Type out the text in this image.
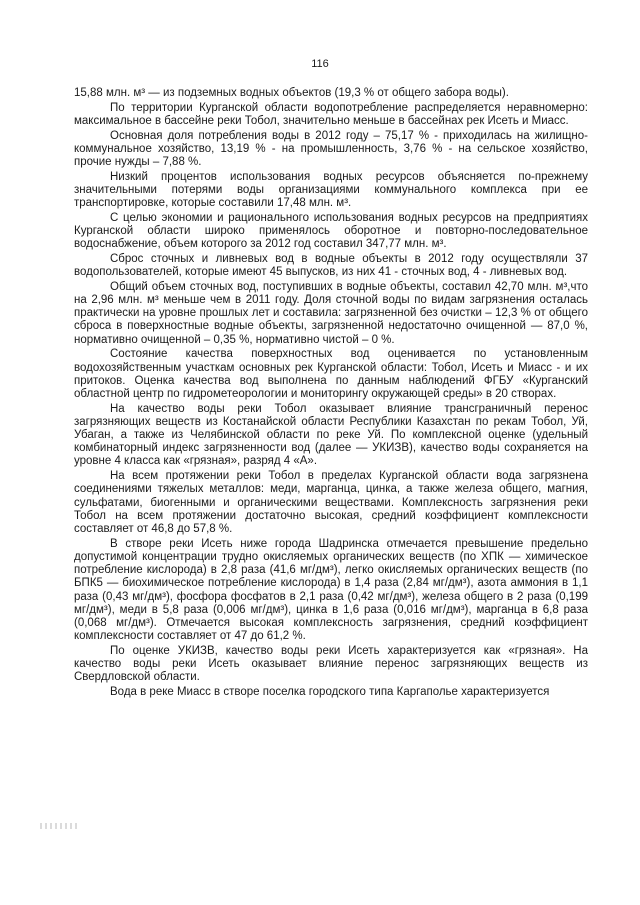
116

15,88 млн. м³ — из подземных водных объектов (19,3 % от общего забора воды).

По территории Курганской области водопотребление распределяется неравномерно: максимальное в бассейне реки Тобол, значительно меньше в бассейнах рек Исеть и Миасс.

Основная доля потребления воды в 2012 году – 75,17 % - приходилась на жилищно-коммунальное хозяйство, 13,19 % - на промышленность, 3,76 % - на сельское хозяйство, прочие нужды – 7,88 %.

Низкий процентов использования водных ресурсов объясняется по-прежнему значительными потерями воды организациями коммунального комплекса при ее транспортировке, которые составили 17,48 млн. м³.

С целью экономии и рационального использования водных ресурсов на предприятиях Курганской области широко применялось оборотное и повторно-последовательное водоснабжение, объем которого за 2012 год составил 347,77 млн. м³.

Сброс сточных и ливневых вод в водные объекты в 2012 году осуществляли 37 водопользователей, которые имеют 45 выпусков, из них 41 - сточных вод, 4 - ливневых вод.

Общий объем сточных вод, поступивших в водные объекты, составил 42,70 млн. м³,что на 2,96 млн. м³ меньше чем в 2011 году. Доля сточной воды по видам загрязнения осталась практически на уровне прошлых лет и составила: загрязненной без очистки – 12,3 % от общего сброса в поверхностные водные объекты, загрязненной недостаточно очищенной — 87,0 %, нормативно очищенной – 0,35 %, нормативно чистой – 0 %.

Состояние качества поверхностных вод оценивается по установленным водохозяйственным участкам основных рек Курганской области: Тобол, Исеть и Миасс - и их притоков. Оценка качества вод выполнена по данным наблюдений ФГБУ «Курганский областной центр по гидрометеорологии и мониторингу окружающей среды» в 20 створах.

На качество воды реки Тобол оказывает влияние трансграничный перенос загрязняющих веществ из Костанайской области Республики Казахстан по рекам Тобол, Уй, Убаган, а также из Челябинской области по реке Уй. По комплексной оценке (удельный комбинаторный индекс загрязненности вод (далее — УКИЗВ), качество воды сохраняется на уровне 4 класса как «грязная», разряд 4 «А».

На всем протяжении реки Тобол в пределах Курганской области вода загрязнена соединениями тяжелых металлов: меди, марганца, цинка, а также железа общего, магния, сульфатами, биогенными и органическими веществами. Комплексность загрязнения реки Тобол на всем протяжении достаточно высокая, средний коэффициент комплексности составляет от 46,8 до 57,8 %.

В створе реки Исеть ниже города Шадринска отмечается превышение предельно допустимой концентрации трудно окисляемых органических веществ (по ХПК — химическое потребление кислорода) в 2,8 раза (41,6 мг/дм³), легко окисляемых органических веществ (по БПК5 — биохимическое потребление кислорода) в 1,4 раза (2,84 мг/дм³), азота аммония в 1,1 раза (0,43 мг/дм³), фосфора фосфатов в 2,1 раза (0,42 мг/дм³), железа общего в 2 раза (0,199 мг/дм³), меди в 5,8 раза (0,006 мг/дм³), цинка в 1,6 раза (0,016 мг/дм³), марганца в 6,8 раза (0,068 мг/дм³). Отмечается высокая комплексность загрязнения, средний коэффициент комплексности составляет от 47 до 61,2 %.

По оценке УКИЗВ, качество воды реки Исеть характеризуется как «грязная». На качество воды реки Исеть оказывает влияние перенос загрязняющих веществ из Свердловской области.

Вода в реке Миасс в створе поселка городского типа Каргаполье характеризуется
